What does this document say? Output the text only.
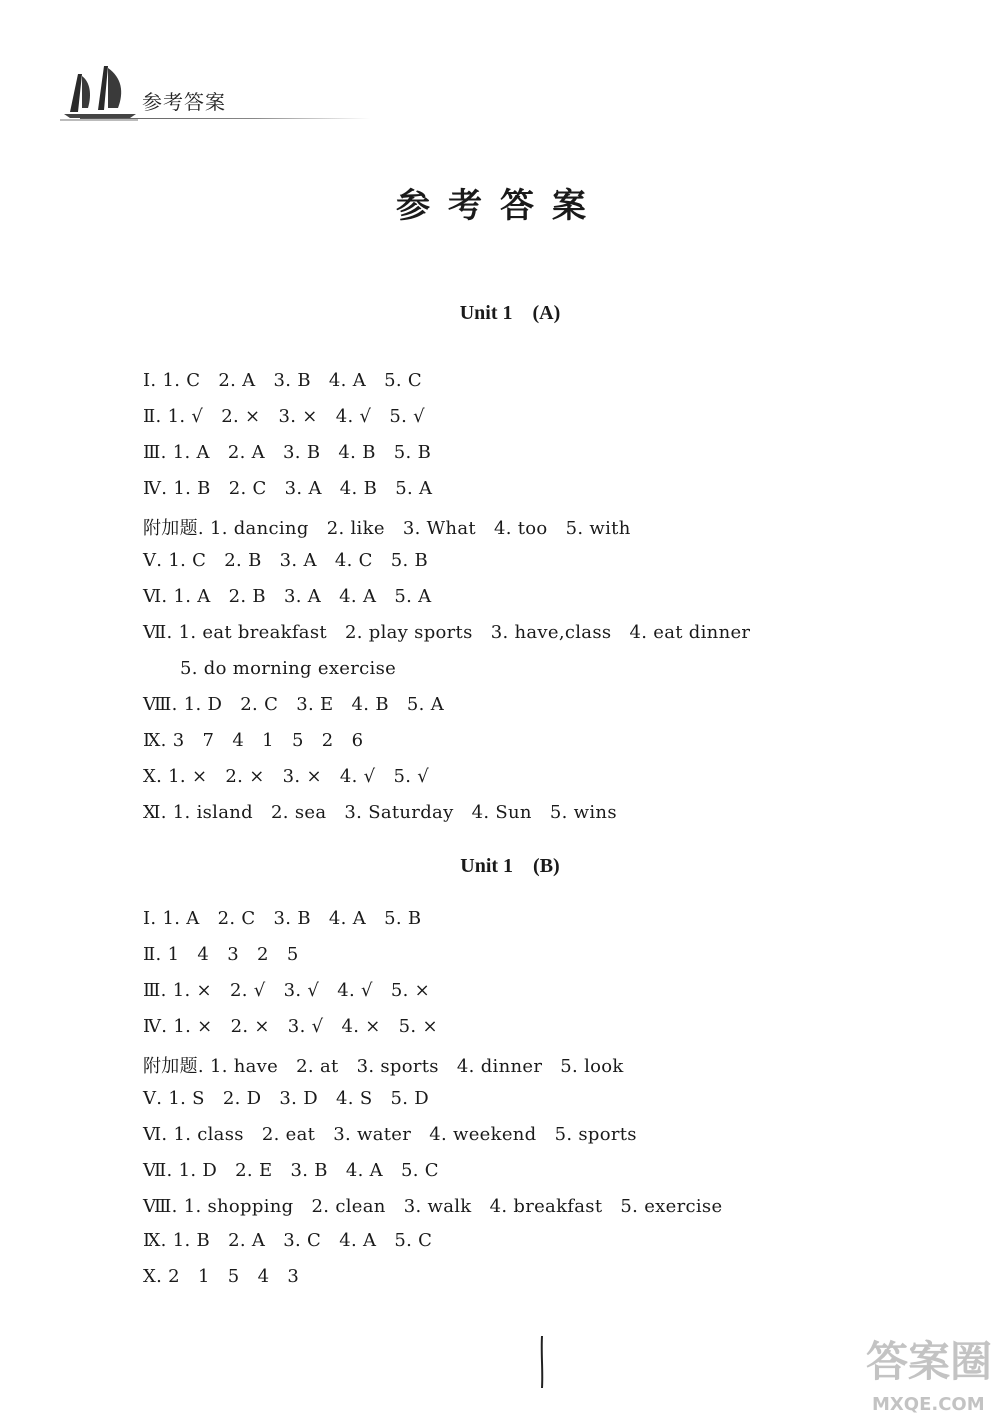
参考答案
参考答案
Unit 1    (A)
Ⅰ. 1. C   2. A   3. B   4. A   5. C
Ⅱ. 1. √   2. ×   3. ×   4. √   5. √
Ⅲ. 1. A   2. A   3. B   4. B   5. B
Ⅳ. 1. B   2. C   3. A   4. B   5. A
附加题. 1. dancing   2. like   3. What   4. too   5. with
Ⅴ. 1. C   2. B   3. A   4. C   5. B
Ⅵ. 1. A   2. B   3. A   4. A   5. A
Ⅶ. 1. eat breakfast   2. play sports   3. have,class   4. eat dinner
5. do morning exercise
Ⅷ. 1. D   2. C   3. E   4. B   5. A
Ⅸ. 3   7   4   1   5   2   6
Ⅹ. 1. ×   2. ×   3. ×   4. √   5. √
Ⅺ. 1. island   2. sea   3. Saturday   4. Sun   5. wins
Unit 1    (B)
Ⅰ. 1. A   2. C   3. B   4. A   5. B
Ⅱ. 1   4   3   2   5
Ⅲ. 1. ×   2. √   3. √   4. √   5. ×
Ⅳ. 1. ×   2. ×   3. √   4. ×   5. ×
附加题. 1. have   2. at   3. sports   4. dinner   5. look
Ⅴ. 1. S   2. D   3. D   4. S   5. D
Ⅵ. 1. class   2. eat   3. water   4. weekend   5. sports
Ⅶ. 1. D   2. E   3. B   4. A   5. C
Ⅷ. 1. shopping   2. clean   3. walk   4. breakfast   5. exercise
Ⅸ. 1. B   2. A   3. C   4. A   5. C
Ⅹ. 2   1   5   4   3
答案圈
MXQE.COM
